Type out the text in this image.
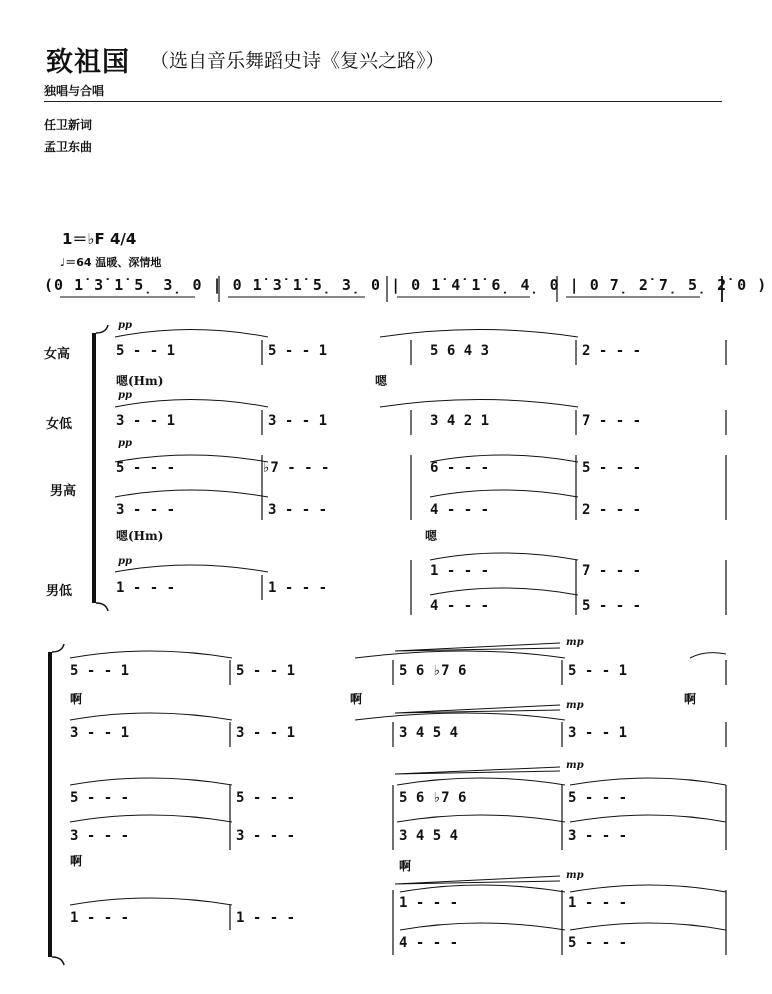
致祖国 （选自音乐舞蹈史诗《复兴之路》）
独唱与合唱
任卫新词
孟卫东曲
1＝♭F 4/4
♩＝64 温暖、深情地
(0 1̇ 3̇ 1̇ 5̣ 3̣ 0 | 0 1̇ 3̇ 1̇ 5̣ 3̣ 0 | 0 1̇ 4̇ 1̇ 6̣ 4̣ 0 | 0 7̣ 2̇ 7̣ 5̣ 2̇ 0 )
女高
女低
男高
男低
pp
pp
pp
pp
5 - - 1	5 - - 1	5 6 4 3	2 - - -
嗯(Hm)	嗯
3 - - 1	3 - - 1	3 4 2 1	7 - - -
5 - - -	♭7 - - -	6 - - -	5 - - -
3 - - -	3 - - -	4 - - -	2 - - -
嗯(Hm)	嗯
1 - - -	1 - - -
1 - - -	7 - - -
4 - - -	5 - - -
mp
mp
mp
mp
5 - - 1	5 - - 1	5 6 ♭7 6	5 - - 1
啊	啊	啊
3 - - 1	3 - - 1	3 4 5 4	3 - - 1
5 - - -	5 - - -	5 6 ♭7 6	5 - - -
3 - - -	3 - - -	3 4 5 4	3 - - -
啊	啊
1 - - -	1 - - -
1 - - -	1 - - -
4 - - -	5 - - -
